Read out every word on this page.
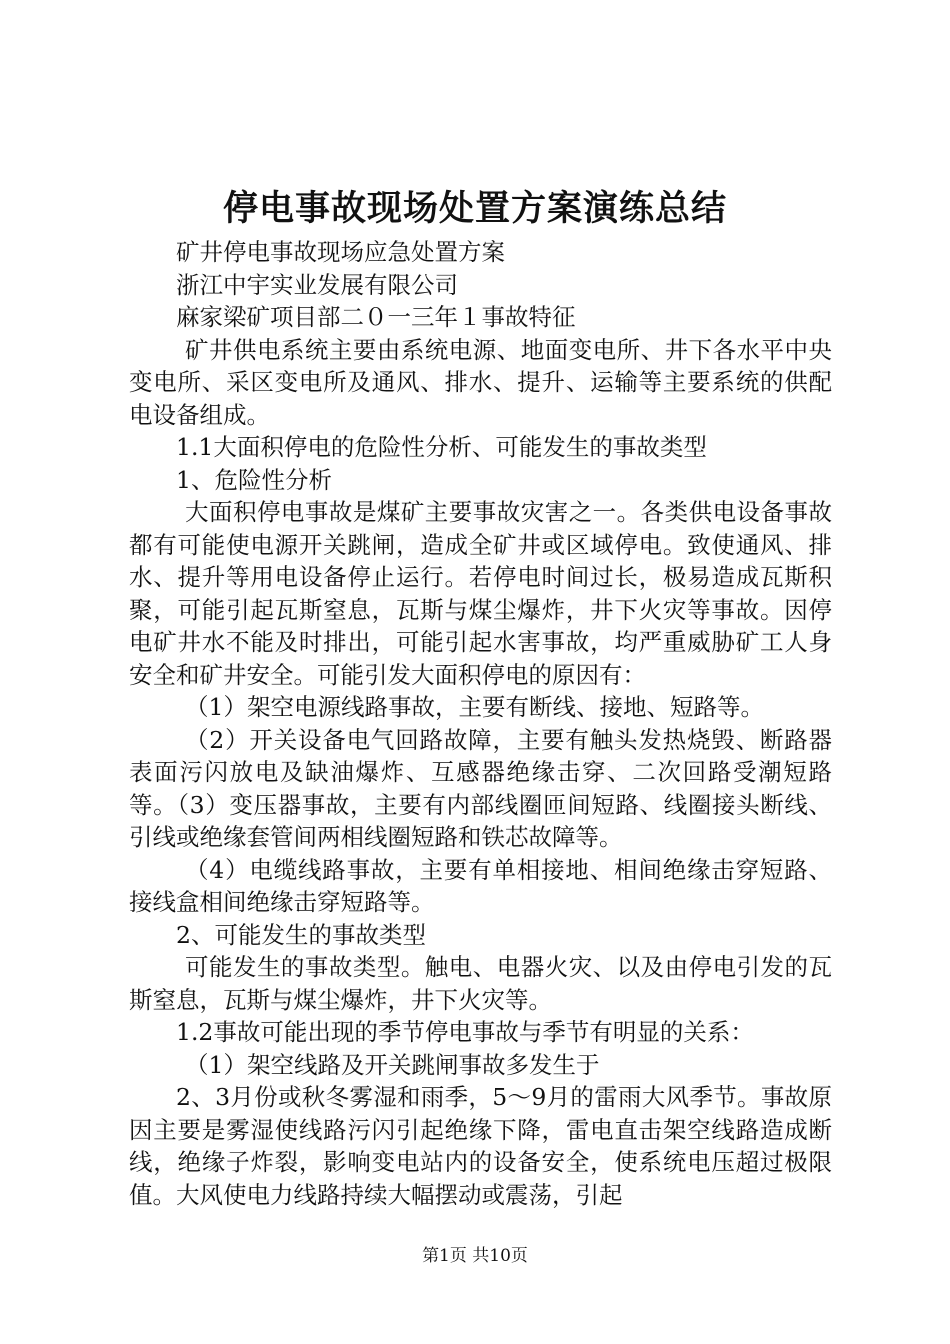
停电事故现场处置方案演练总结

矿井停电事故现场应急处置方案

浙江中宇实业发展有限公司

麻家梁矿项目部二０一三年１事故特征

矿井供电系统主要由系统电源、地面变电所、井下各水平中央变电所、采区变电所及通风、排水、提升、运输等主要系统的供配电设备组成。

1.1大面积停电的危险性分析、可能发生的事故类型

1、危险性分析

大面积停电事故是煤矿主要事故灾害之一。各类供电设备事故都有可能使电源开关跳闸，造成全矿井或区域停电。致使通风、排水、提升等用电设备停止运行。若停电时间过长，极易造成瓦斯积聚，可能引起瓦斯窒息，瓦斯与煤尘爆炸，井下火灾等事故。因停电矿井水不能及时排出，可能引起水害事故，均严重威胁矿工人身安全和矿井安全。可能引发大面积停电的原因有：

（1）架空电源线路事故，主要有断线、接地、短路等。

（2）开关设备电气回路故障，主要有触头发热烧毁、断路器表面污闪放电及缺油爆炸、互感器绝缘击穿、二次回路受潮短路等。（3）变压器事故，主要有内部线圈匝间短路、线圈接头断线、引线或绝缘套管间两相线圈短路和铁芯故障等。

（4）电缆线路事故，主要有单相接地、相间绝缘击穿短路、接线盒相间绝缘击穿短路等。

2、可能发生的事故类型

可能发生的事故类型。触电、电器火灾、以及由停电引发的瓦斯窒息，瓦斯与煤尘爆炸，井下火灾等。

1.2事故可能出现的季节停电事故与季节有明显的关系：

（1）架空线路及开关跳闸事故多发生于

2、3月份或秋冬雾湿和雨季，5～9月的雷雨大风季节。事故原因主要是雾湿使线路污闪引起绝缘下降，雷电直击架空线路造成断线，绝缘子炸裂，影响变电站内的设备安全，使系统电压超过极限值。大风使电力线路持续大幅摆动或震荡，引起

第1页 共10页
